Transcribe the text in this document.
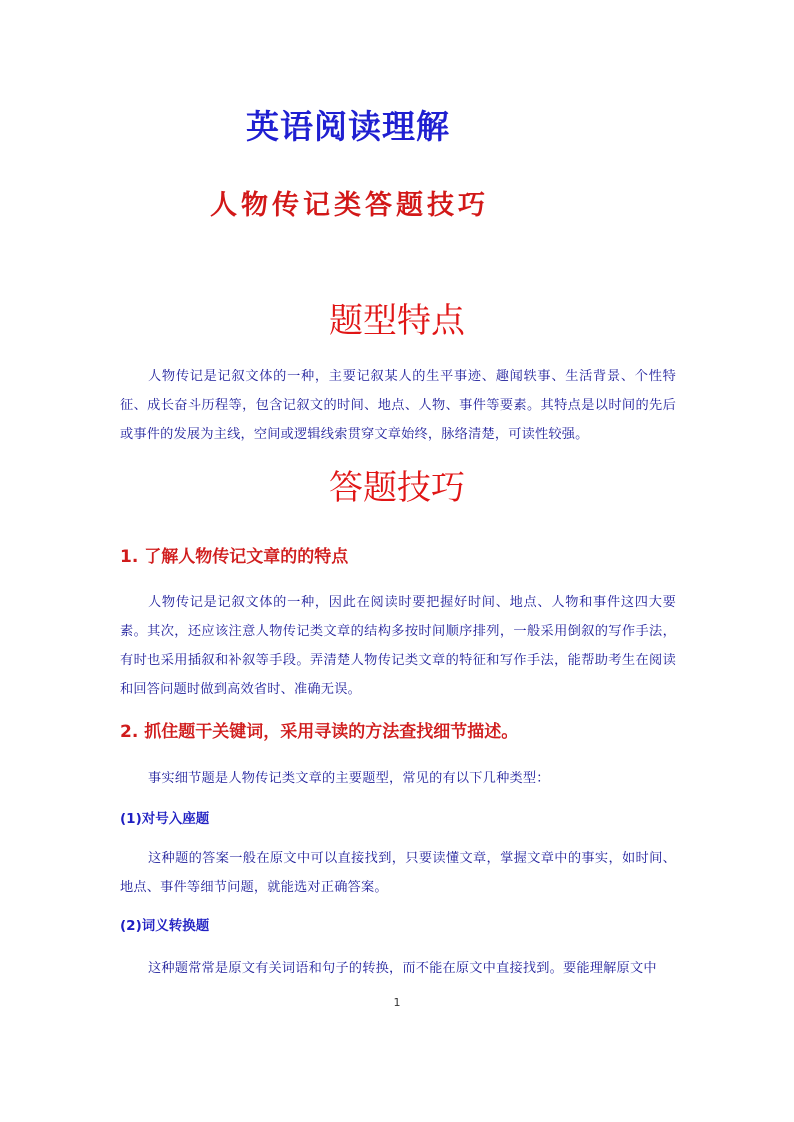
英语阅读理解
人物传记类答题技巧
题型特点
人物传记是记叙文体的一种，主要记叙某人的生平事迹、趣闻轶事、生活背景、个性特征、成长奋斗历程等，包含记叙文的时间、地点、人物、事件等要素。其特点是以时间的先后或事件的发展为主线，空间或逻辑线索贯穿文章始终，脉络清楚，可读性较强。
答题技巧
1. 了解人物传记文章的的特点
人物传记是记叙文体的一种，因此在阅读时要把握好时间、地点、人物和事件这四大要素。其次，还应该注意人物传记类文章的结构多按时间顺序排列，一般采用倒叙的写作手法，有时也采用插叙和补叙等手段。弄清楚人物传记类文章的特征和写作手法，能帮助考生在阅读和回答问题时做到高效省时、准确无误。
2. 抓住题干关键词，采用寻读的方法查找细节描述。
事实细节题是人物传记类文章的主要题型，常见的有以下几种类型：
(1)对号入座题
这种题的答案一般在原文中可以直接找到，只要读懂文章，掌握文章中的事实，如时间、地点、事件等细节问题，就能选对正确答案。
(2)词义转换题
这种题常常是原文有关词语和句子的转换，而不能在原文中直接找到。要能理解原文中
1
